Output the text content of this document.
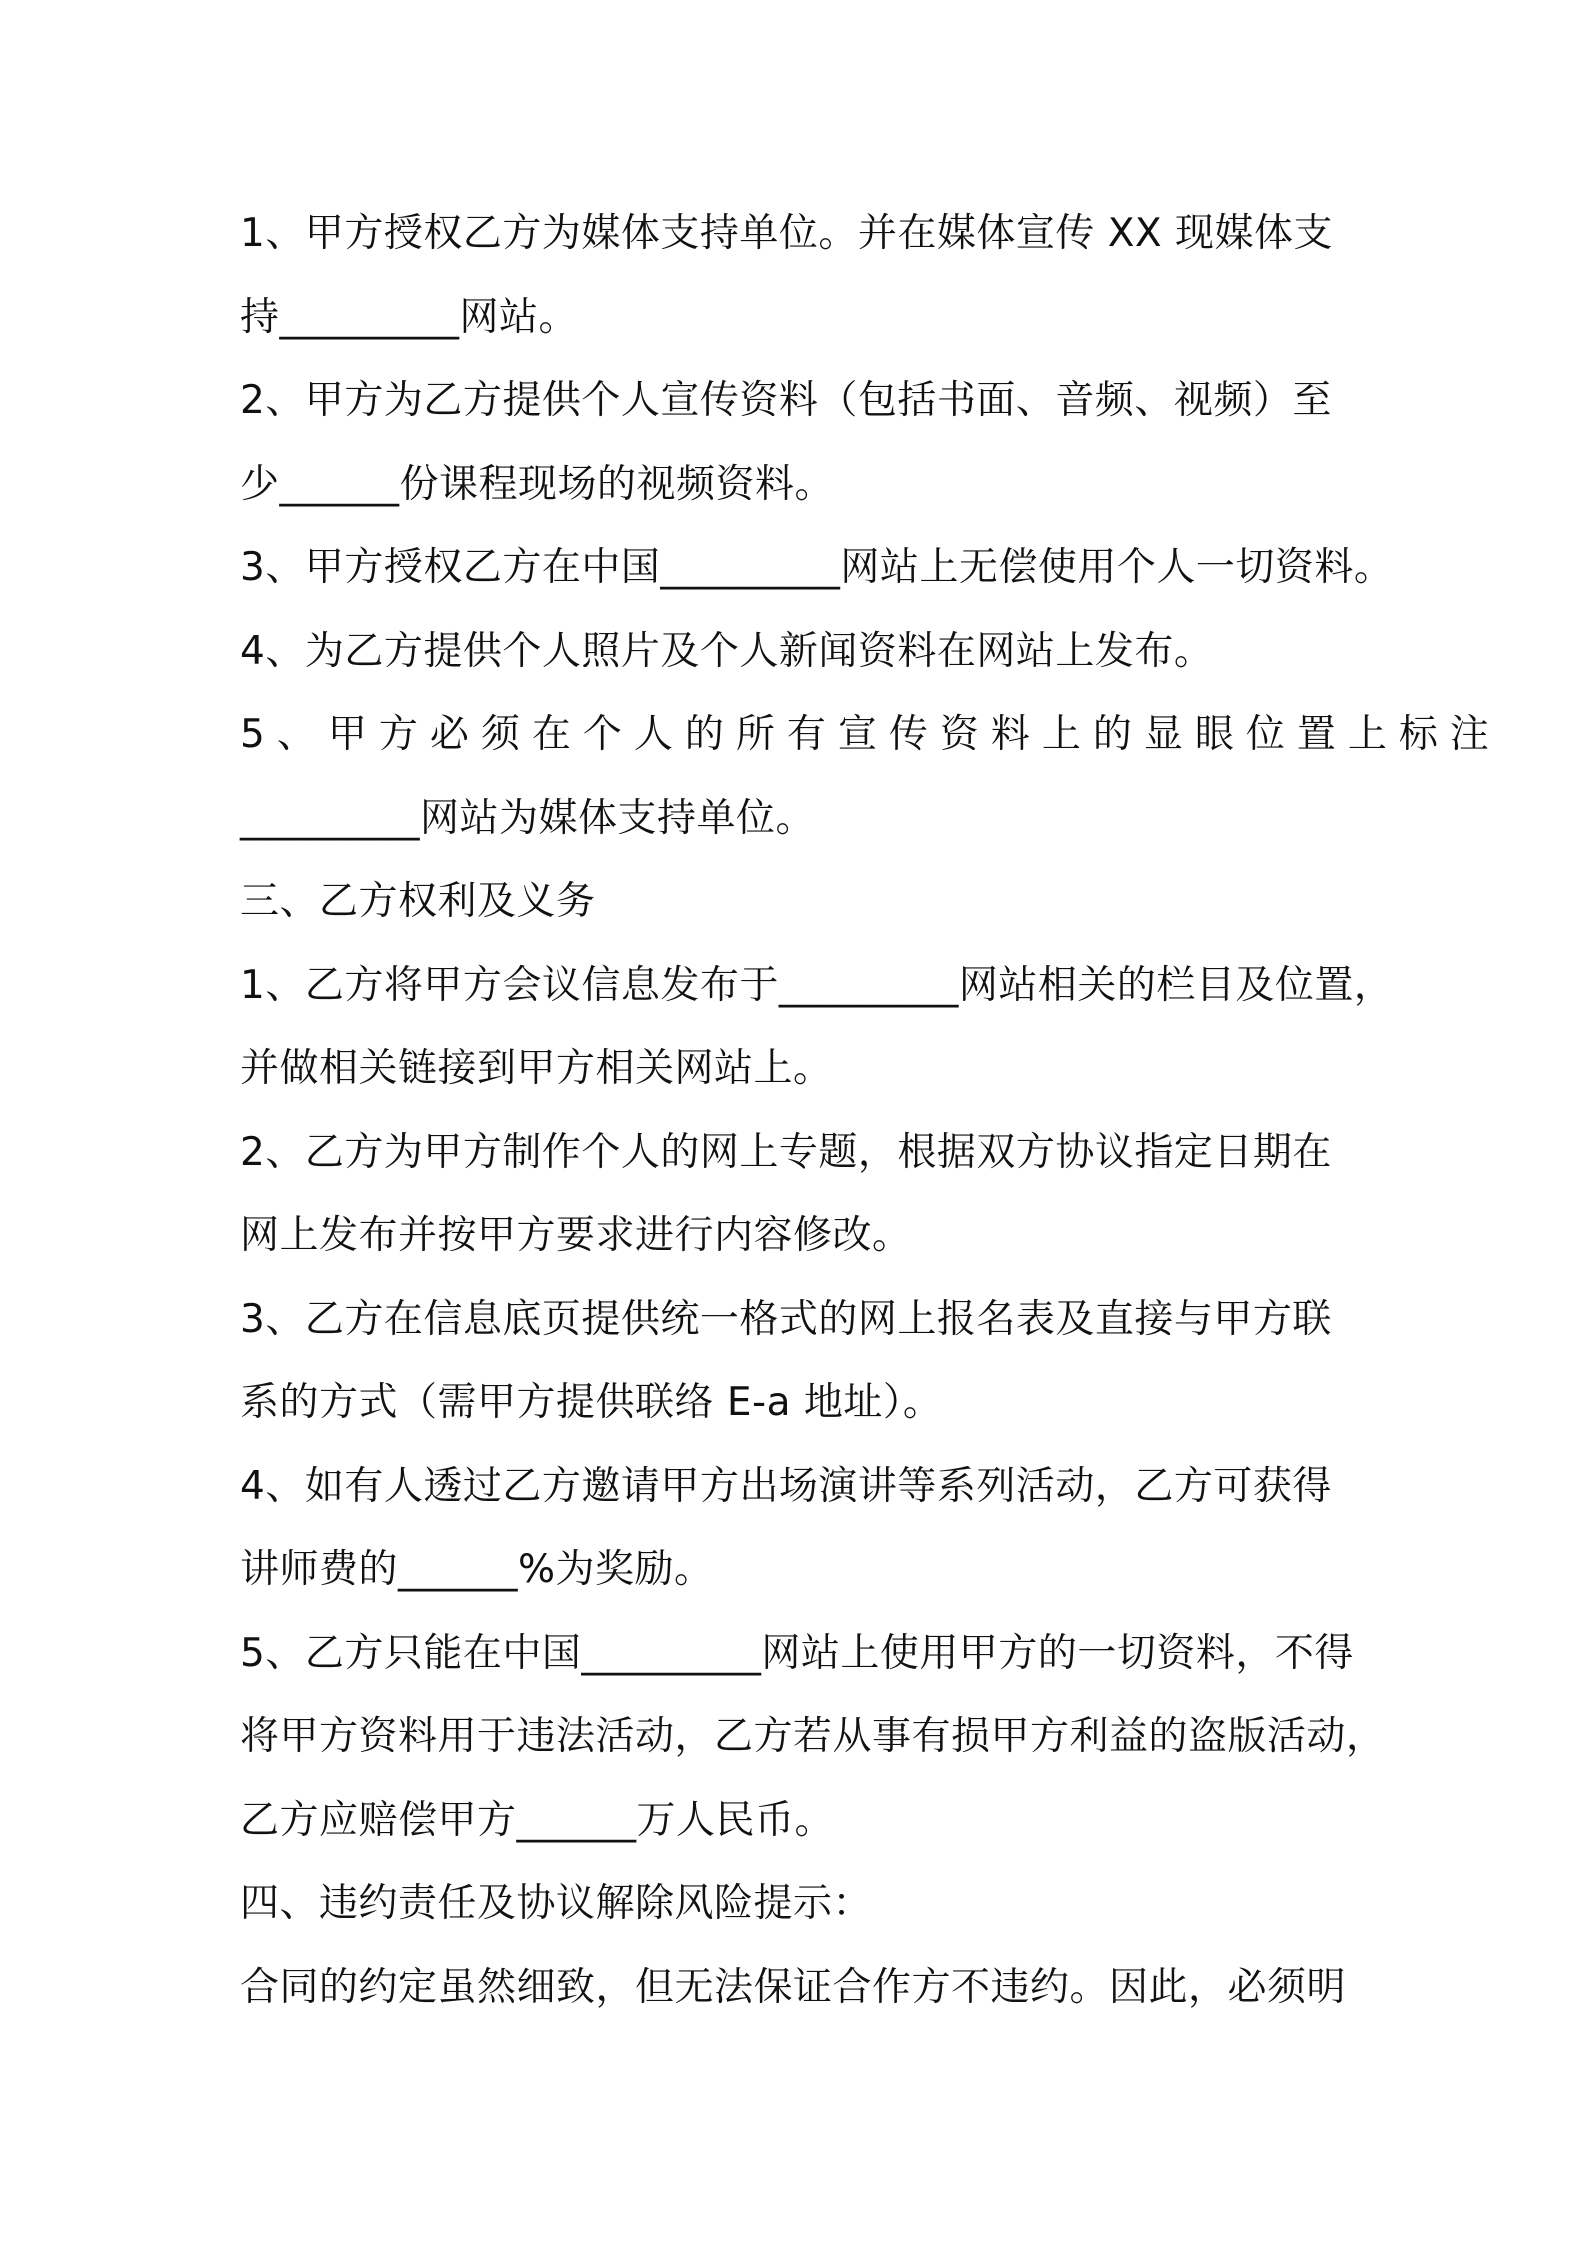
1、甲方授权乙方为媒体支持单位。并在媒体宣传 XX 现媒体支
持_________网站。
2、甲方为乙方提供个人宣传资料（包括书面、音频、视频）至
少______份课程现场的视频资料。
3、甲方授权乙方在中国_________网站上无偿使用个人一切资料。
4、为乙方提供个人照片及个人新闻资料在网站上发布。
5、甲方必须在个人的所有宣传资料上的显眼位置上标注
_________网站为媒体支持单位。
三、乙方权利及义务
1、乙方将甲方会议信息发布于_________网站相关的栏目及位置，
并做相关链接到甲方相关网站上。
2、乙方为甲方制作个人的网上专题，根据双方协议指定日期在
网上发布并按甲方要求进行内容修改。
3、乙方在信息底页提供统一格式的网上报名表及直接与甲方联
系的方式（需甲方提供联络 E-a 地址）。
4、如有人透过乙方邀请甲方出场演讲等系列活动，乙方可获得
讲师费的______%为奖励。
5、乙方只能在中国_________网站上使用甲方的一切资料，不得
将甲方资料用于违法活动，乙方若从事有损甲方利益的盗版活动，
乙方应赔偿甲方______万人民币。
四、违约责任及协议解除风险提示：
合同的约定虽然细致，但无法保证合作方不违约。因此，必须明
